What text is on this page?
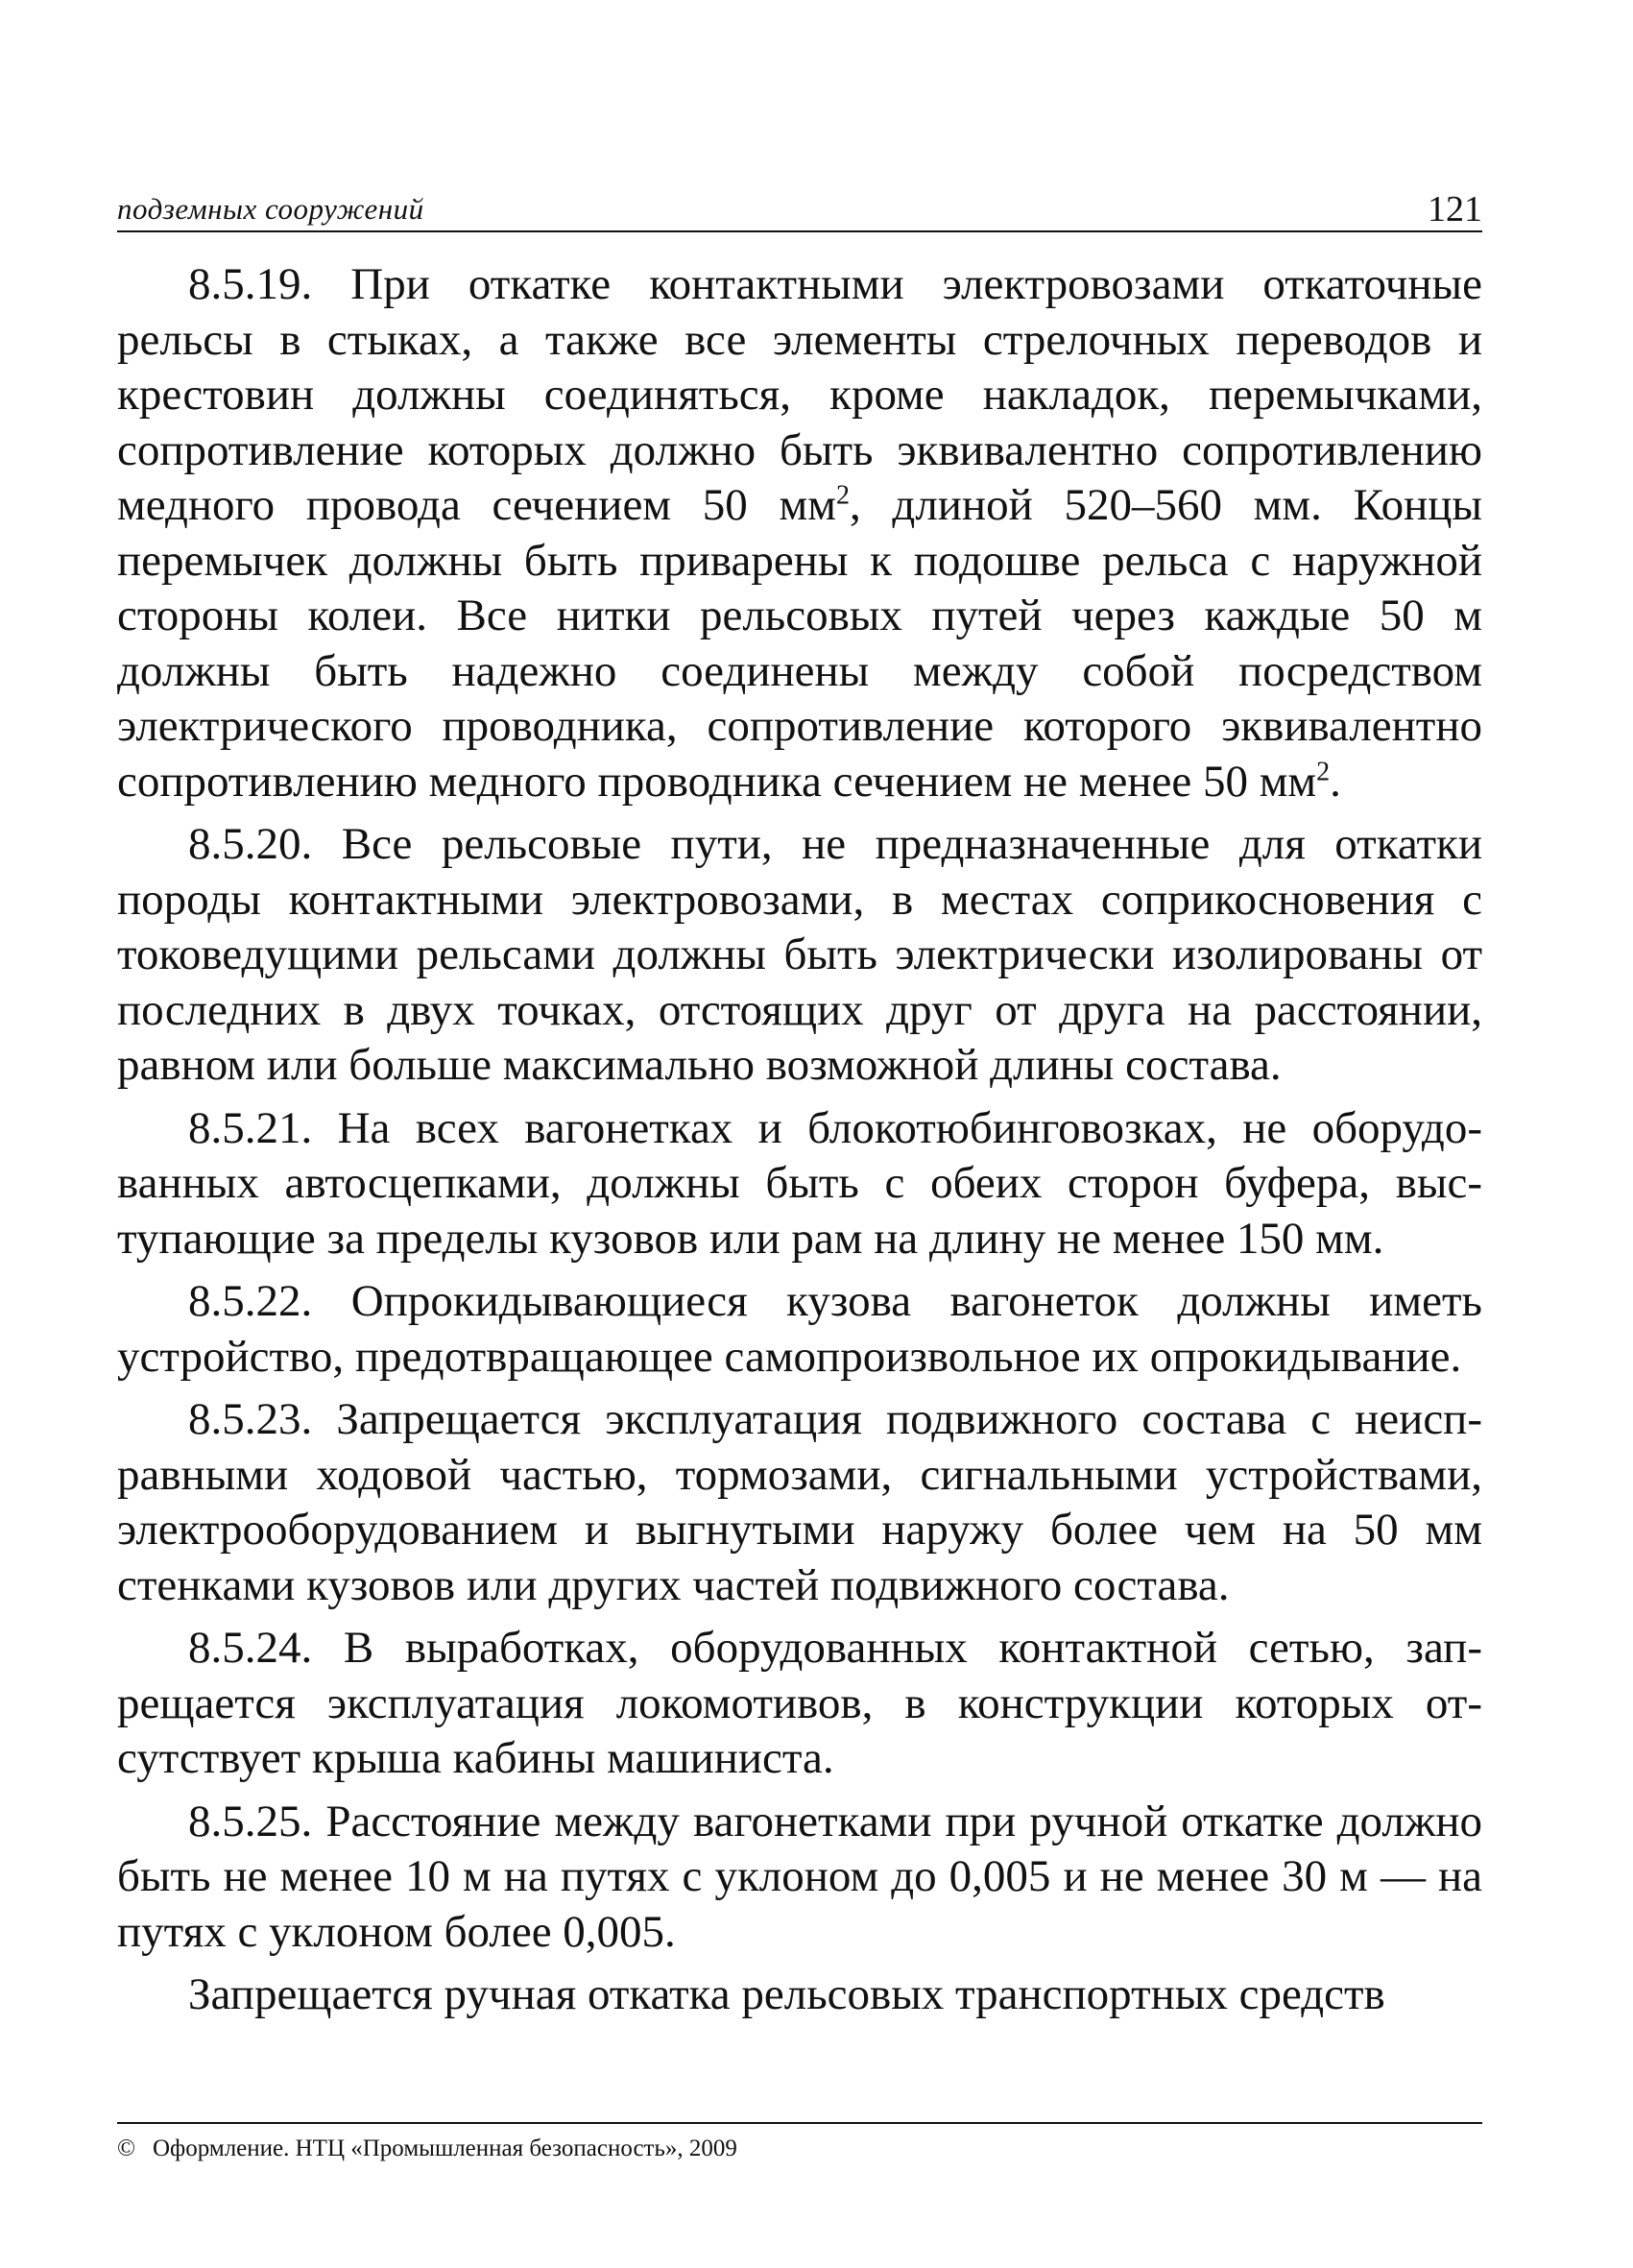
подземных сооружений	121

8.5.19. При откатке контактными электровозами откаточные рельсы в стыках, а также все элементы стрелочных переводов и крестовин должны соединяться, кроме накладок, перемычками, сопротивление которых должно быть эквивалентно сопротивлению медного провода сечением 50 $мм^2$, длиной 520–560 мм. Концы перемычек должны быть приварены к подошве рельса с наружной стороны колеи. Все нитки рельсовых путей через каждые 50 м должны быть надежно соединены между собой посредством электрического проводника, сопротивление которого эквивалентно сопротивлению медного проводника сечением не менее 50 $мм^2$.

8.5.20. Все рельсовые пути, не предназначенные для откатки породы контактными электровозами, в местах соприкосновения с токоведущими рельсами должны быть электрически изолированы от последних в двух точках, отстоящих друг от друга на расстоянии, равном или больше максимально возможной длины состава.

8.5.21. На всех вагонетках и блокотюбинговозках, не оборудованных автосцепками, должны быть с обеих сторон буфера, выступающие за пределы кузовов или рам на длину не менее 150 мм.

8.5.22. Опрокидывающиеся кузова вагонеток должны иметь устройство, предотвращающее самопроизвольное их опрокидывание.

8.5.23. Запрещается эксплуатация подвижного состава с неисправными ходовой частью, тормозами, сигнальными устройствами, электрооборудованием и выгнутыми наружу более чем на 50 мм стенками кузовов или других частей подвижного состава.

8.5.24. В выработках, оборудованных контактной сетью, запрещается эксплуатация локомотивов, в конструкции которых отсутствует крыша кабины машиниста.

8.5.25. Расстояние между вагонетками при ручной откатке должно быть не менее 10 м на путях с уклоном до 0,005 и не менее 30 м — на путях с уклоном более 0,005.

Запрещается ручная откатка рельсовых транспортных средств

© Оформление. НТЦ «Промышленная безопасность», 2009
